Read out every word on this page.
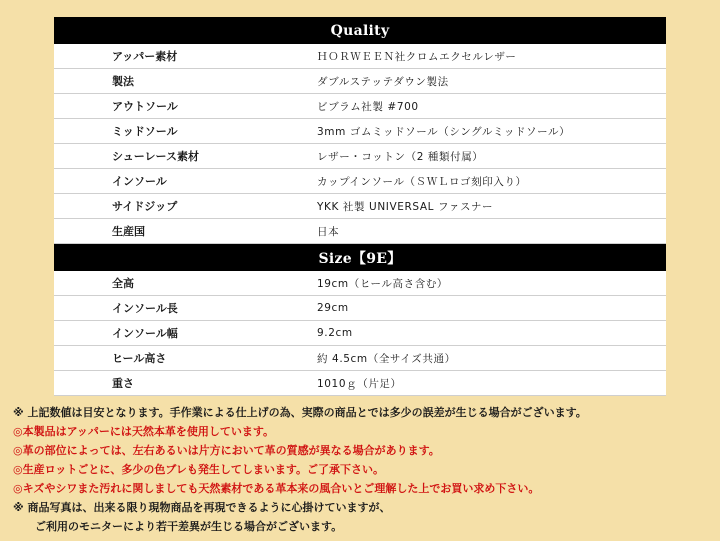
Quality
アッパー素材	ＨＯＲＷＥＥＮ社クロムエクセルレザー
製法	ダブルステッテダウン製法
アウトソール	ビブラム社製 #700
ミッドソール	3mm ゴムミッドソール（シングルミッドソール）
シューレース素材	レザー・コットン（2 種類付属）
インソール	カップインソール（ＳＷＬロゴ刻印入り）
サイドジップ	YKK 社製 UNIVERSAL ファスナー
生産国	日本
Size【9E】
全高	19cm（ヒール高さ含む）
インソール長	29cm
インソール幅	9.2cm
ヒール高さ	約 4.5cm（全サイズ共通）
重さ	1010ｇ（片足）
※ 上記数値は目安となります。手作業による仕上げの為、実際の商品とでは多少の誤差が生じる場合がございます。
◎本製品はアッパーには天然本革を使用しています。
◎革の部位によっては、左右あるいは片方において革の質感が異なる場合があります。
◎生産ロットごとに、多少の色ブレも発生してしまいます。ご了承下さい。
◎キズやシワまた汚れに関しましても天然素材である革本来の風合いとご理解した上でお買い求め下さい。
※ 商品写真は、出来る限り現物商品を再現できるように心掛けていますが、
ご利用のモニターにより若干差異が生じる場合がございます。
